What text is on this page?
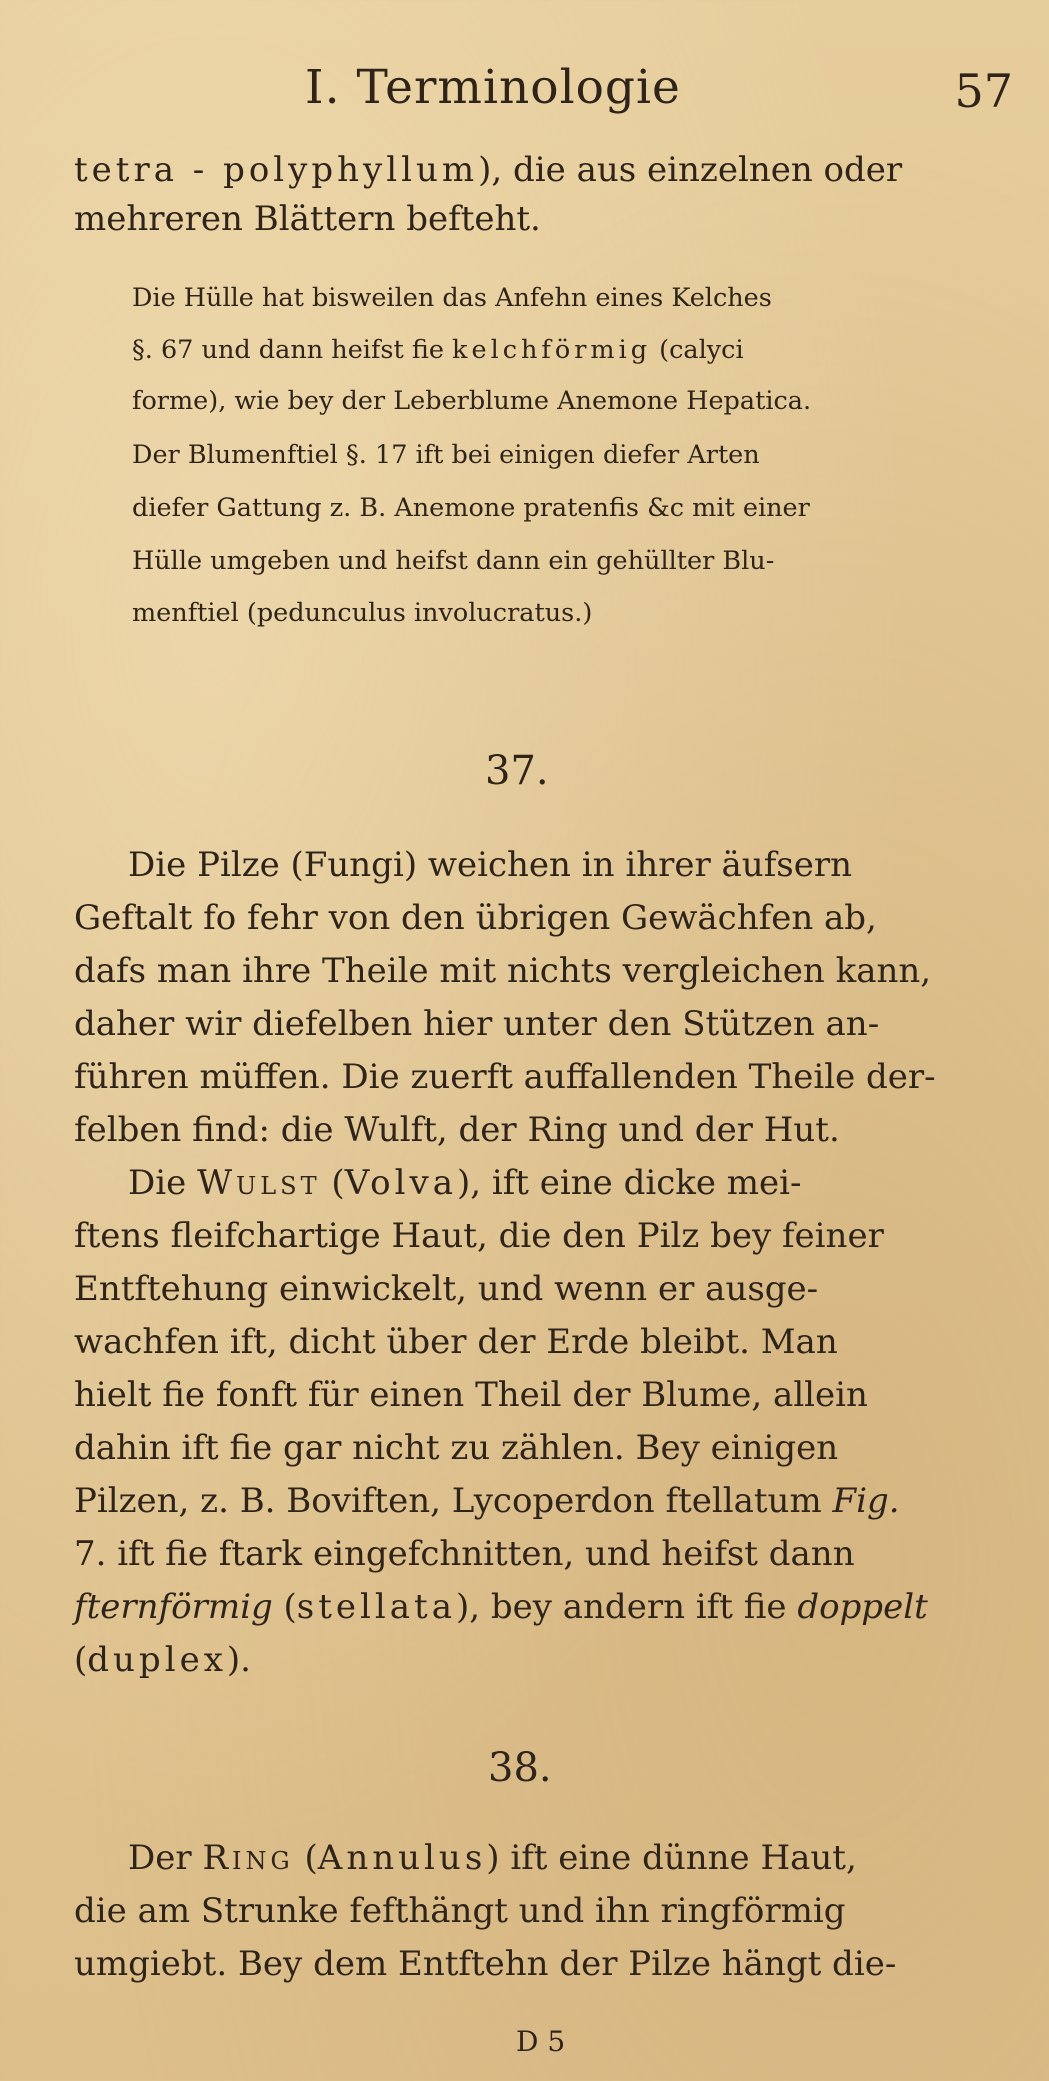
I. Terminologie	57
tetra - polyphyllum), die aus einzelnen oder
mehreren Blättern befteht.
Die Hülle hat bisweilen das Anfehn eines Kelches
§. 67 und dann heifst fie kelchförmig (calyci
forme), wie bey der Leberblume Anemone Hepatica.
Der Blumenftiel §. 17 ift bei einigen diefer Arten
diefer Gattung z. B. Anemone pratenfis &c mit einer
Hülle umgeben und heifst dann ein gehüllter Blu-
menftiel (pedunculus involucratus.)
37.
Die Pilze (Fungi) weichen in ihrer äufsern
Geftalt fo fehr von den übrigen Gewächfen ab,
dafs man ihre Theile mit nichts vergleichen kann,
daher wir diefelben hier unter den Stützen an-
führen müffen. Die zuerft auffallenden Theile der-
felben find: die Wulft, der Ring und der Hut.
Die Wulst (Volva), ift eine dicke mei-
ftens fleifchartige Haut, die den Pilz bey feiner
Entftehung einwickelt, und wenn er ausge-
wachfen ift, dicht über der Erde bleibt. Man
hielt fie fonft für einen Theil der Blume, allein
dahin ift fie gar nicht zu zählen. Bey einigen
Pilzen, z. B. Boviften, Lycoperdon ftellatum Fig.
7. ift fie ftark eingefchnitten, und heifst dann
fternförmig (stellata), bey andern ift fie doppelt
(duplex).
38.
Der Ring (Annulus) ift eine dünne Haut,
die am Strunke fefthängt und ihn ringförmig
umgiebt. Bey dem Entftehn der Pilze hängt die-
D 5
